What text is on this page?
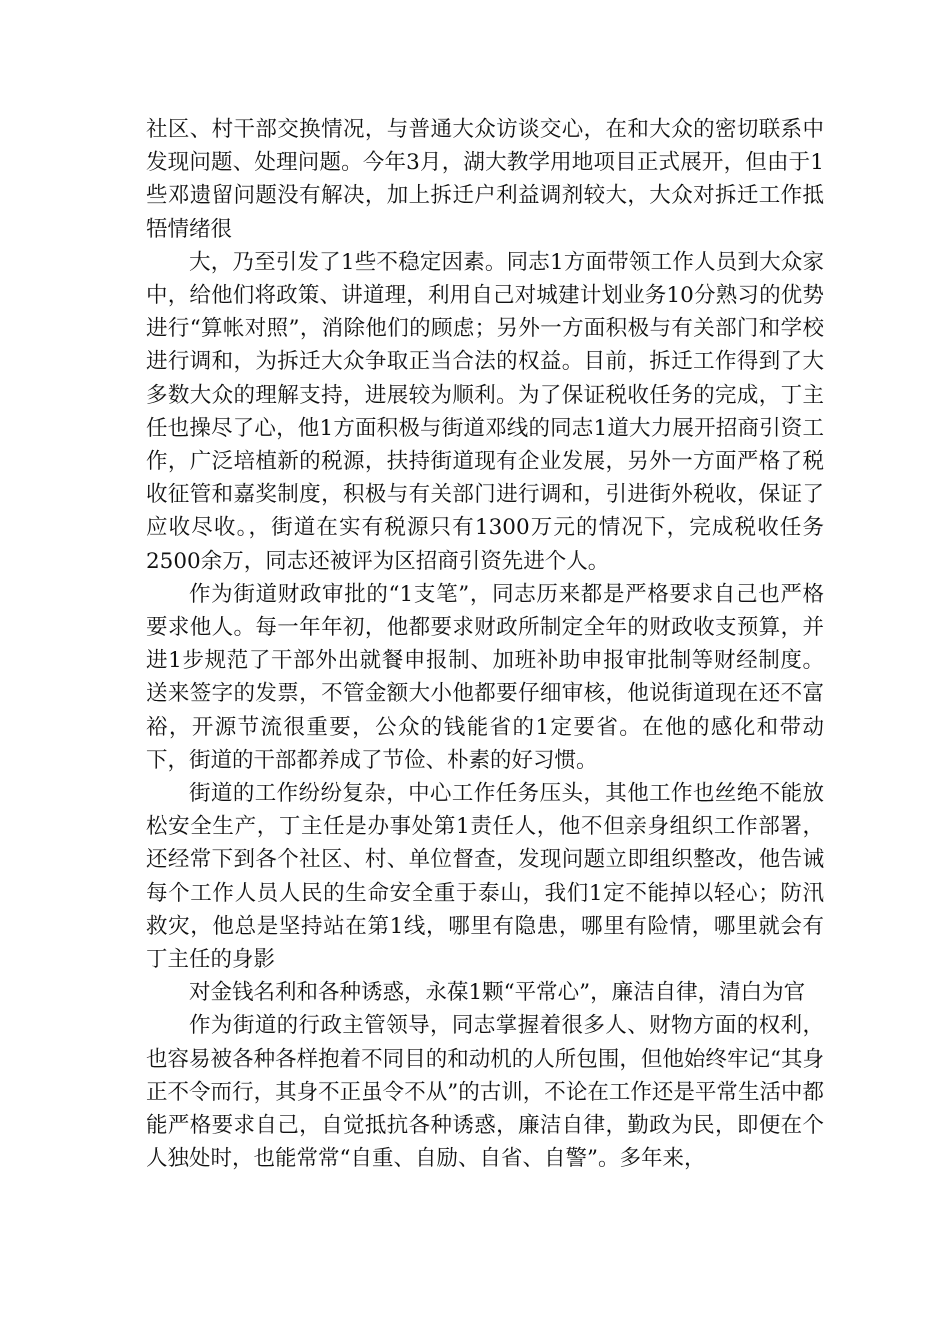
社区、村干部交换情况，与普通大众访谈交心，在和大众的密切联系中发现问题、处理问题。今年3月，湖大教学用地项目正式展开，但由于1些邓遗留问题没有解决，加上拆迁户利益调剂较大，大众对拆迁工作抵牾情绪很

大，乃至引发了1些不稳定因素。同志1方面带领工作人员到大众家中，给他们将政策、讲道理，利用自己对城建计划业务10分熟习的优势进行“算帐对照”，消除他们的顾虑；另外一方面积极与有关部门和学校进行调和，为拆迁大众争取正当合法的权益。目前，拆迁工作得到了大多数大众的理解支持，进展较为顺利。为了保证税收任务的完成，丁主任也操尽了心，他1方面积极与街道邓线的同志1道大力展开招商引资工作，广泛培植新的税源，扶持街道现有企业发展，另外一方面严格了税收征管和嘉奖制度，积极与有关部门进行调和，引进街外税收，保证了应收尽收。，街道在实有税源只有1300万元的情况下，完成税收任务2500余万，同志还被评为区招商引资先进个人。

作为街道财政审批的“1支笔”，同志历来都是严格要求自己也严格要求他人。每一年年初，他都要求财政所制定全年的财政收支预算，并进1步规范了干部外出就餐申报制、加班补助申报审批制等财经制度。送来签字的发票，不管金额大小他都要仔细审核，他说街道现在还不富裕，开源节流很重要，公众的钱能省的1定要省。在他的感化和带动下，街道的干部都养成了节俭、朴素的好习惯。

街道的工作纷纷复杂，中心工作任务压头，其他工作也丝绝不能放松安全生产，丁主任是办事处第1责任人，他不但亲身组织工作部署，还经常下到各个社区、村、单位督查，发现问题立即组织整改，他告诫每个工作人员人民的生命安全重于泰山，我们1定不能掉以轻心；防汛救灾，他总是坚持站在第1线，哪里有隐患，哪里有险情，哪里就会有丁主任的身影

对金钱名利和各种诱惑，永葆1颗“平常心”，廉洁自律，清白为官

作为街道的行政主管领导，同志掌握着很多人、财物方面的权利，也容易被各种各样抱着不同目的和动机的人所包围，但他始终牢记“其身正不令而行，其身不正虽令不从”的古训，不论在工作还是平常生活中都能严格要求自己，自觉抵抗各种诱惑，廉洁自律，勤政为民，即便在个人独处时，也能常常“自重、自励、自省、自警”。多年来，
